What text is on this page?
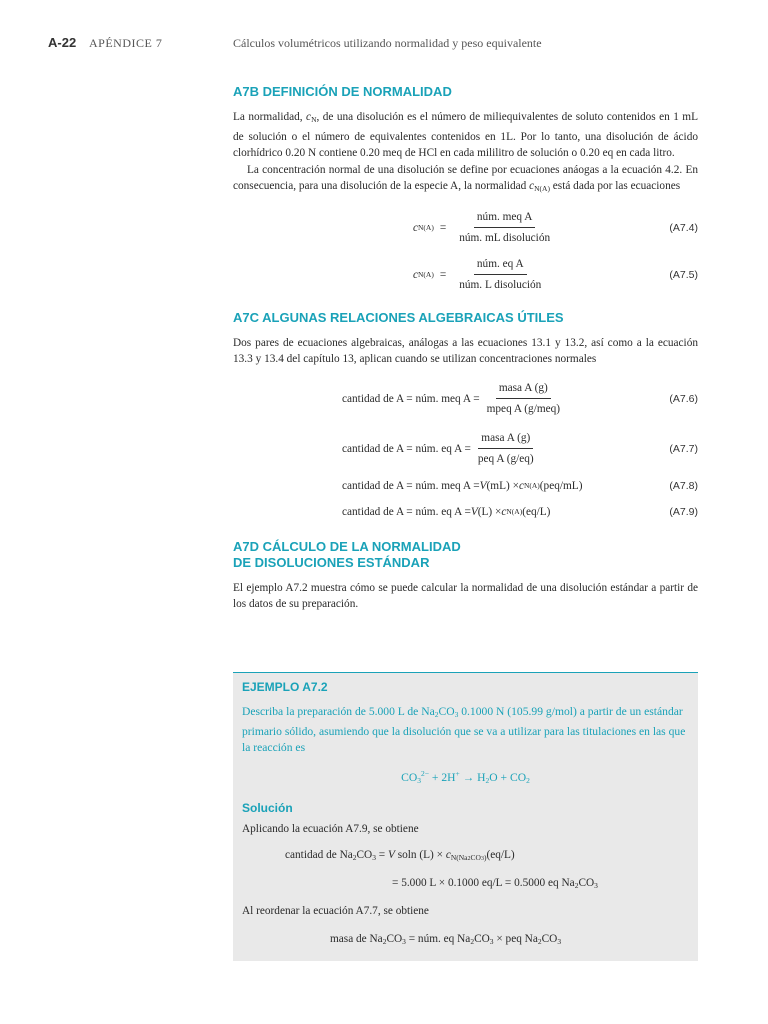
A-22 APÉNDICE 7	Cálculos volumétricos utilizando normalidad y peso equivalente
A7B DEFINICIÓN DE NORMALIDAD

La normalidad, $c_N$, de una disolución es el número de miliequivalentes de soluto contenidos en 1 mL de solución o el número de equivalentes contenidos en 1L. Por lo tanto, una disolución de ácido clorhídrico 0.20 N contiene 0.20 meq de HCl en cada mililitro de solución o 0.20 eq en cada litro.

La concentración normal de una disolución se define por ecuaciones anáogas a la ecuación 4.2. En consecuencia, para una disolución de la especie A, la normalidad $c_{N(A)}$ está dada por las ecuaciones

c $N(A) = \frac{\text{núm. meq A}}{\text{núm. mL disolución}}$	(A7.4)
c $N(A) = \frac{\text{núm. eq A}}{\text{núm. L disolución}}$	(A7.5)
A7C ALGUNAS RELACIONES ALGEBRAICAS ÚTILES

Dos pares de ecuaciones algebraicas, análogas a las ecuaciones 13.1 y 13.2, así como a la ecuación 13.3 y 13.4 del capítulo 13, aplican cuando se utilizan concentraciones normales

cantidad de A = núm. meq $A = \frac{\text{masa A (g)}}{\text{mpeq A (g/meq)}}$	(A7.6)
cantidad de A = núm. eq $A = \frac{\text{masa A (g)}}{\text{peq A (g/eq)}}$	(A7.7)
cantidad de A = núm. meq A = V (mL) × c N(A) (peq/mL)	(A7.8)
cantidad de A = núm. eq A = V (L) × c N(A) (eq/L)	(A7.9)
A7D CÁLCULO DE LA NORMALIDAD
DE DISOLUCIONES ESTÁNDAR

El ejemplo A7.2 muestra cómo se puede calcular la normalidad de una disolución estándar a partir de los datos de su preparación.

EJEMPLO A7.2

Describa la preparación de 5.000 L de $Na_2CO_3$ 0.1000 N (105.99 g/mol) a partir de un estándar primario sólido, asumiendo que la disolución que se va a utilizar para las titulaciones en las que la reacción es

$CO_3^{2-} + 2H^+ \to H_2O + CO_2$
Solución
Aplicando la ecuación A7.9, se obtiene
cantidad de $Na_2CO_3 = V$ soln $(L) \times c_{N(Na2CO3)}(eq/L)$
= 5.000 L × 0.1000 eq/L = 0.5000 eq $Na_2CO_3$
Al reordenar la ecuación A7.7, se obtiene
masa de $Na_2CO_3$ = núm. eq $Na_2CO_3$ × peq $Na_2CO_3$
